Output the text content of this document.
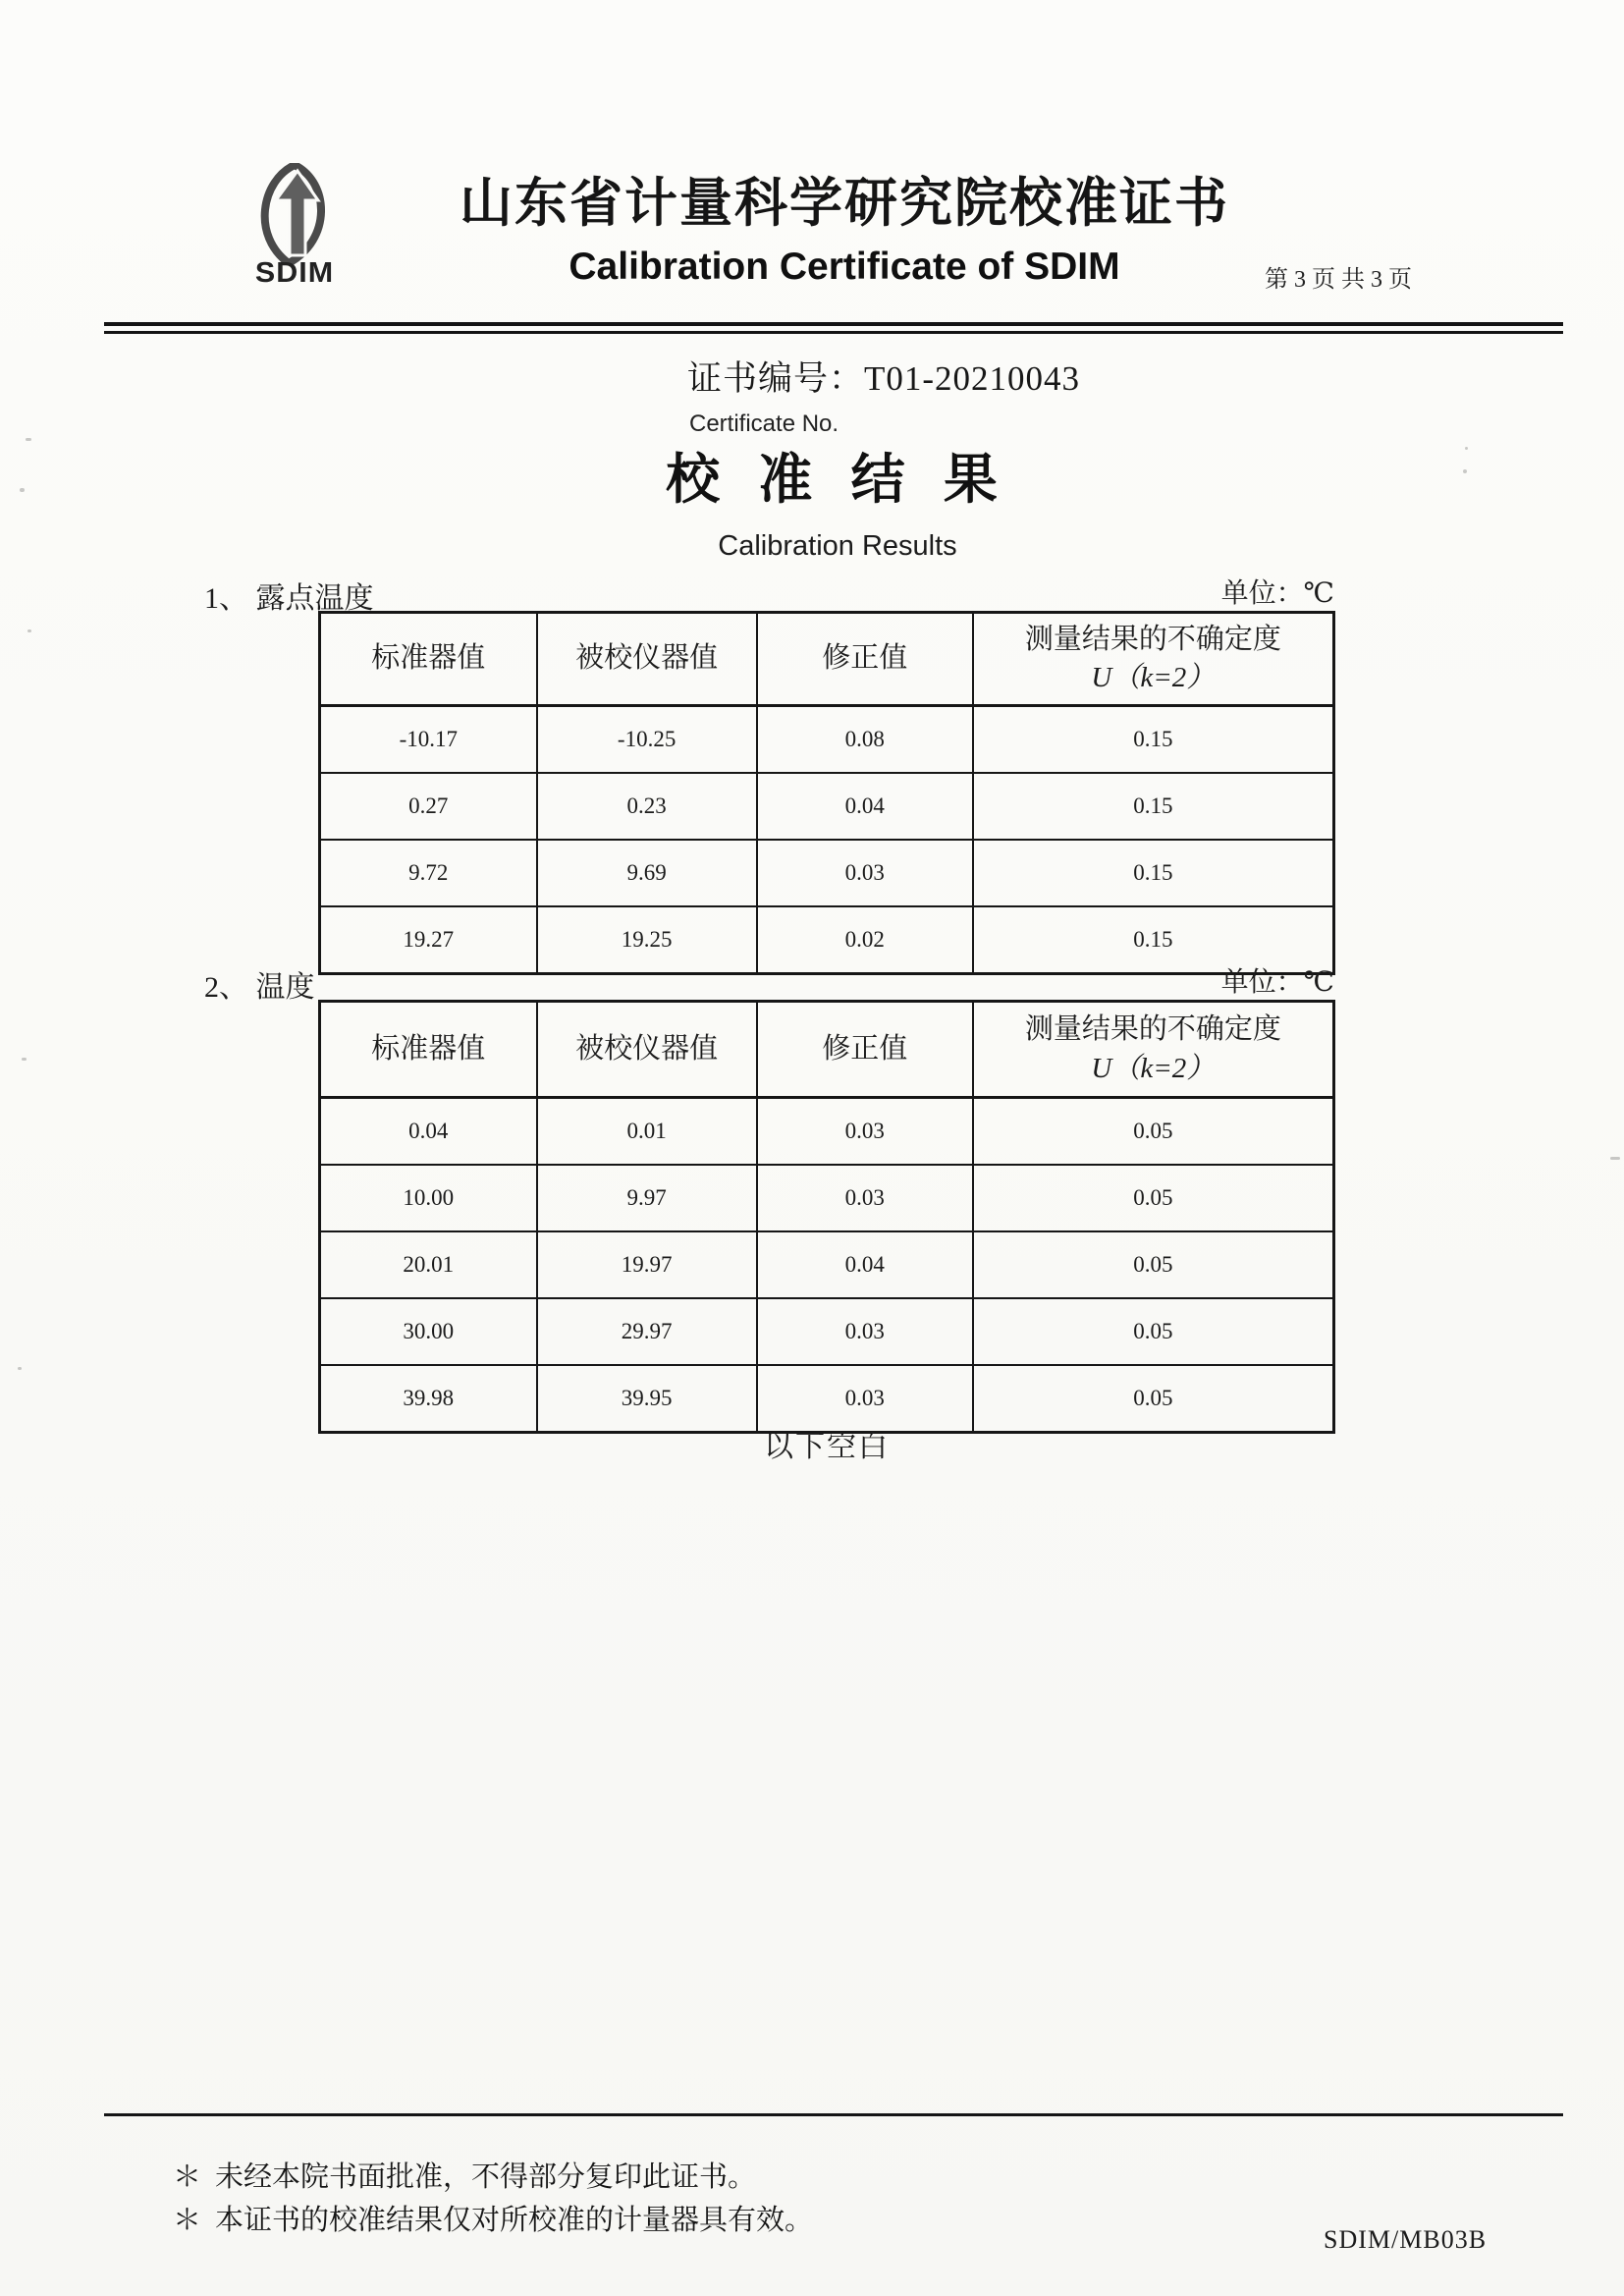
SDIM
山东省计量科学研究院校准证书
Calibration Certificate of SDIM	第 3 页 共 3 页
证书编号：T01-20210043
Certificate No.
校 准 结 果
Calibration Results
1、 露点温度	单位：℃
标准器值	被校仪器值	修正值	测量结果的不确定度
U（k=2）

-10.17	-10.25	0.08	0.15
0.27	0.23	0.04	0.15
9.72	9.69	0.03	0.15
19.27	19.25	0.02	0.15
2、 温度	单位：℃
标准器值	被校仪器值	修正值	测量结果的不确定度
U（k=2）

0.04	0.01	0.03	0.05
10.00	9.97	0.03	0.05
20.01	19.97	0.04	0.05
30.00	29.97	0.03	0.05
39.98	39.95	0.03	0.05
以下空白
＊ 未经本院书面批准，不得部分复印此证书。
＊ 本证书的校准结果仅对所校准的计量器具有效。
SDIM/MB03B
